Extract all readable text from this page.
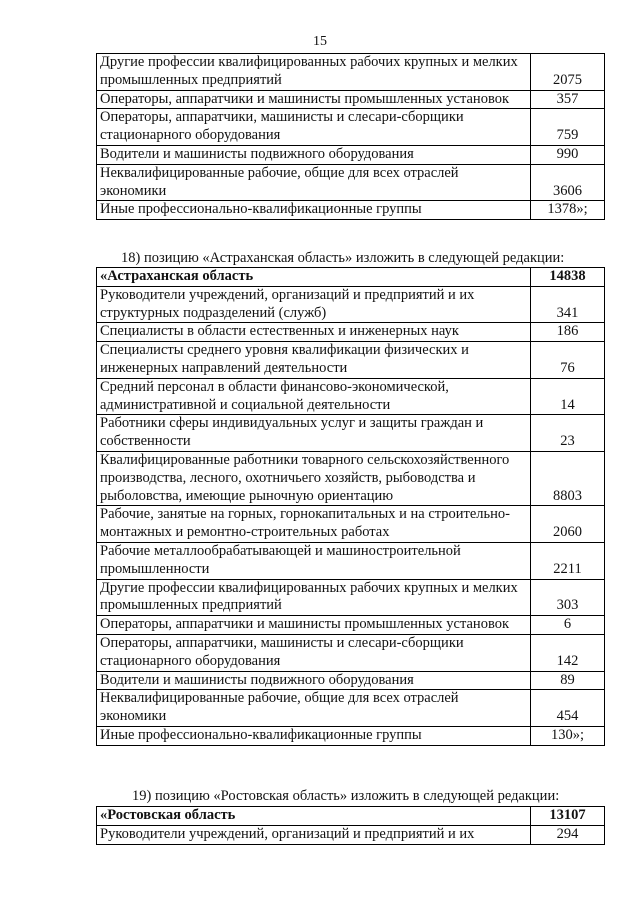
15
Другие профессии квалифицированных рабочих крупных и мелких промышленных предприятий	2075
Операторы, аппаратчики и машинисты промышленных установок	357
Операторы, аппаратчики, машинисты и слесари-сборщики стационарного оборудования	759
Водители и машинисты подвижного оборудования	990
Неквалифицированные рабочие, общие для всех отраслей экономики	3606
Иные профессионально-квалификационные группы	1378»;
18) позицию «Астраханская область» изложить в следующей редакции:
«Астраханская область	14838
Руководители учреждений, организаций и предприятий и их структурных подразделений (служб)	341
Специалисты в области естественных и инженерных наук	186
Специалисты среднего уровня квалификации физических и инженерных направлений деятельности	76
Средний персонал в области финансово-экономической, административной и социальной деятельности	14
Работники сферы индивидуальных услуг и защиты граждан и собственности	23
Квалифицированные работники товарного сельскохозяйственного производства, лесного, охотничьего хозяйств, рыбоводства и рыболовства, имеющие рыночную ориентацию	8803
Рабочие, занятые на горных, горнокапитальных и на строительно-монтажных и ремонтно-строительных работах	2060
Рабочие металлообрабатывающей и машиностроительной промышленности	2211
Другие профессии квалифицированных рабочих крупных и мелких промышленных предприятий	303
Операторы, аппаратчики и машинисты промышленных установок	6
Операторы, аппаратчики, машинисты и слесари-сборщики стационарного оборудования	142
Водители и машинисты подвижного оборудования	89
Неквалифицированные рабочие, общие для всех отраслей экономики	454
Иные профессионально-квалификационные группы	130»;
19) позицию «Ростовская область» изложить в следующей редакции:
«Ростовская область	13107
Руководители учреждений, организаций и предприятий и их	294
